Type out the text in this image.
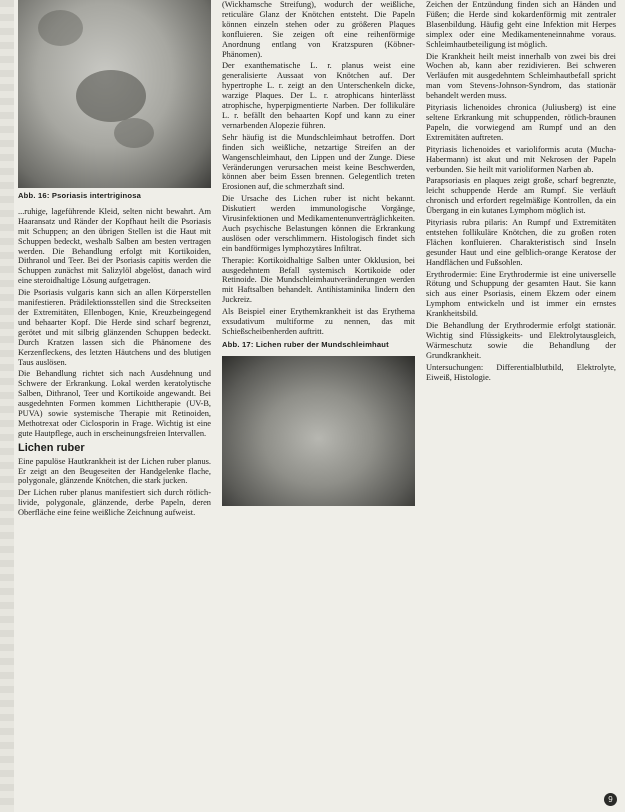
Abb. 16: Psoriasis intertriginosa

...ruhige, lageführende Kleid, selten nicht bewahrt. Am Haaransatz und Ränder der Kopfhaut heilt die Psoriasis mit Schuppen; an den übrigen Stellen ist die Haut mit Schuppen bedeckt, weshalb Salben am besten vertragen werden. Die Behandlung erfolgt mit Kortikoiden, Dithranol und Teer. Bei der Psoriasis capitis werden die Schuppen zunächst mit Salizylöl abgelöst, danach wird eine steroidhaltige Lösung aufgetragen.

Die Psoriasis vulgaris kann sich an allen Körperstellen manifestieren. Prädilektionsstellen sind die Streckseiten der Extremitäten, Ellenbogen, Knie, Kreuzbeingegend und behaarter Kopf. Die Herde sind scharf begrenzt, gerötet und mit silbrig glänzenden Schuppen bedeckt. Durch Kratzen lassen sich die Phänomene des Kerzenfleckens, des letzten Häutchens und des blutigen Taus auslösen.

Die Behandlung richtet sich nach Ausdehnung und Schwere der Erkrankung. Lokal werden keratolytische Salben, Dithranol, Teer und Kortikoide angewandt. Bei ausgedehnten Formen kommen Lichttherapie (UV-B, PUVA) sowie systemische Therapie mit Retinoiden, Methotrexat oder Ciclosporin in Frage. Wichtig ist eine gute Hautpflege, auch in erscheinungsfreien Intervallen.

Lichen ruber

Eine papulöse Hautkrankheit ist der Lichen ruber planus. Er zeigt an den Beugeseiten der Handgelenke flache, polygonale, glänzende Knötchen, die stark jucken.

Der Lichen ruber planus manifestiert sich durch rötlich-livide, polygonale, glänzende, derbe Papeln, deren Oberfläche eine feine weißliche Zeichnung aufweist.

(Wickhamsche Streifung), wodurch der weißliche, reticuläre Glanz der Knötchen entsteht. Die Papeln können einzeln stehen oder zu größeren Plaques konfluieren. Sie zeigen oft eine reihenförmige Anordnung entlang von Kratzspuren (Köbner-Phänomen).

Der exanthematische L. r. planus weist eine generalisierte Aussaat von Knötchen auf. Der hypertrophe L. r. zeigt an den Unterschenkeln dicke, warzige Plaques. Der L. r. atrophicans hinterlässt atrophische, hyperpigmentierte Narben. Der follikuläre L. r. befällt den behaarten Kopf und kann zu einer vernarbenden Alopezie führen.

Sehr häufig ist die Mundschleimhaut betroffen. Dort finden sich weißliche, netzartige Streifen an der Wangenschleimhaut, den Lippen und der Zunge. Diese Veränderungen verursachen meist keine Beschwerden, können aber beim Essen brennen. Gelegentlich treten Erosionen auf, die schmerzhaft sind.

Die Ursache des Lichen ruber ist nicht bekannt. Diskutiert werden immunologische Vorgänge, Virusinfektionen und Medikamentenunverträglichkeiten. Auch psychische Belastungen können die Erkrankung auslösen oder verschlimmern. Histologisch findet sich ein bandförmiges lymphozytäres Infiltrat.

Therapie: Kortikoidhaltige Salben unter Okklusion, bei ausgedehntem Befall systemisch Kortikoide oder Retinoide. Die Mundschleimhautveränderungen werden mit Haftsalben behandelt. Antihistaminika lindern den Juckreiz.

Als Beispiel einer Erythemkrankheit ist das Erythema exsudativum multiforme zu nennen, das mit Schießscheibenherden auftritt.

Abb. 17: Lichen ruber der Mundschleimhaut

Zeichen der Entzündung finden sich an Händen und Füßen; die Herde sind kokardenförmig mit zentraler Blasenbildung. Häufig geht eine Infektion mit Herpes simplex oder eine Medikamenteneinnahme voraus. Schleimhautbeteiligung ist möglich.

Die Krankheit heilt meist innerhalb von zwei bis drei Wochen ab, kann aber rezidivieren. Bei schweren Verläufen mit ausgedehntem Schleimhautbefall spricht man vom Stevens-Johnson-Syndrom, das stationär behandelt werden muss.

Pityriasis lichenoides chronica (Juliusberg) ist eine seltene Erkrankung mit schuppenden, rötlich-braunen Papeln, die vorwiegend am Rumpf und an den Extremitäten auftreten.

Pityriasis lichenoides et varioliformis acuta (Mucha-Habermann) ist akut und mit Nekrosen der Papeln verbunden. Sie heilt mit varioliformen Narben ab.

Parapsoriasis en plaques zeigt große, scharf begrenzte, leicht schuppende Herde am Rumpf. Sie verläuft chronisch und erfordert regelmäßige Kontrollen, da ein Übergang in ein kutanes Lymphom möglich ist.

Pityriasis rubra pilaris: An Rumpf und Extremitäten entstehen follikuläre Knötchen, die zu großen roten Flächen konfluieren. Charakteristisch sind Inseln gesunder Haut und eine gelblich-orange Keratose der Handflächen und Fußsohlen.

Erythrodermie: Eine Erythrodermie ist eine universelle Rötung und Schuppung der gesamten Haut. Sie kann sich aus einer Psoriasis, einem Ekzem oder einem Lymphom entwickeln und ist immer ein ernstes Krankheitsbild.

Die Behandlung der Erythrodermie erfolgt stationär. Wichtig sind Flüssigkeits- und Elektrolytausgleich, Wärmeschutz sowie die Behandlung der Grundkrankheit.

Untersuchungen: Differentialblutbild, Elektrolyte, Eiweiß, Histologie.

9
